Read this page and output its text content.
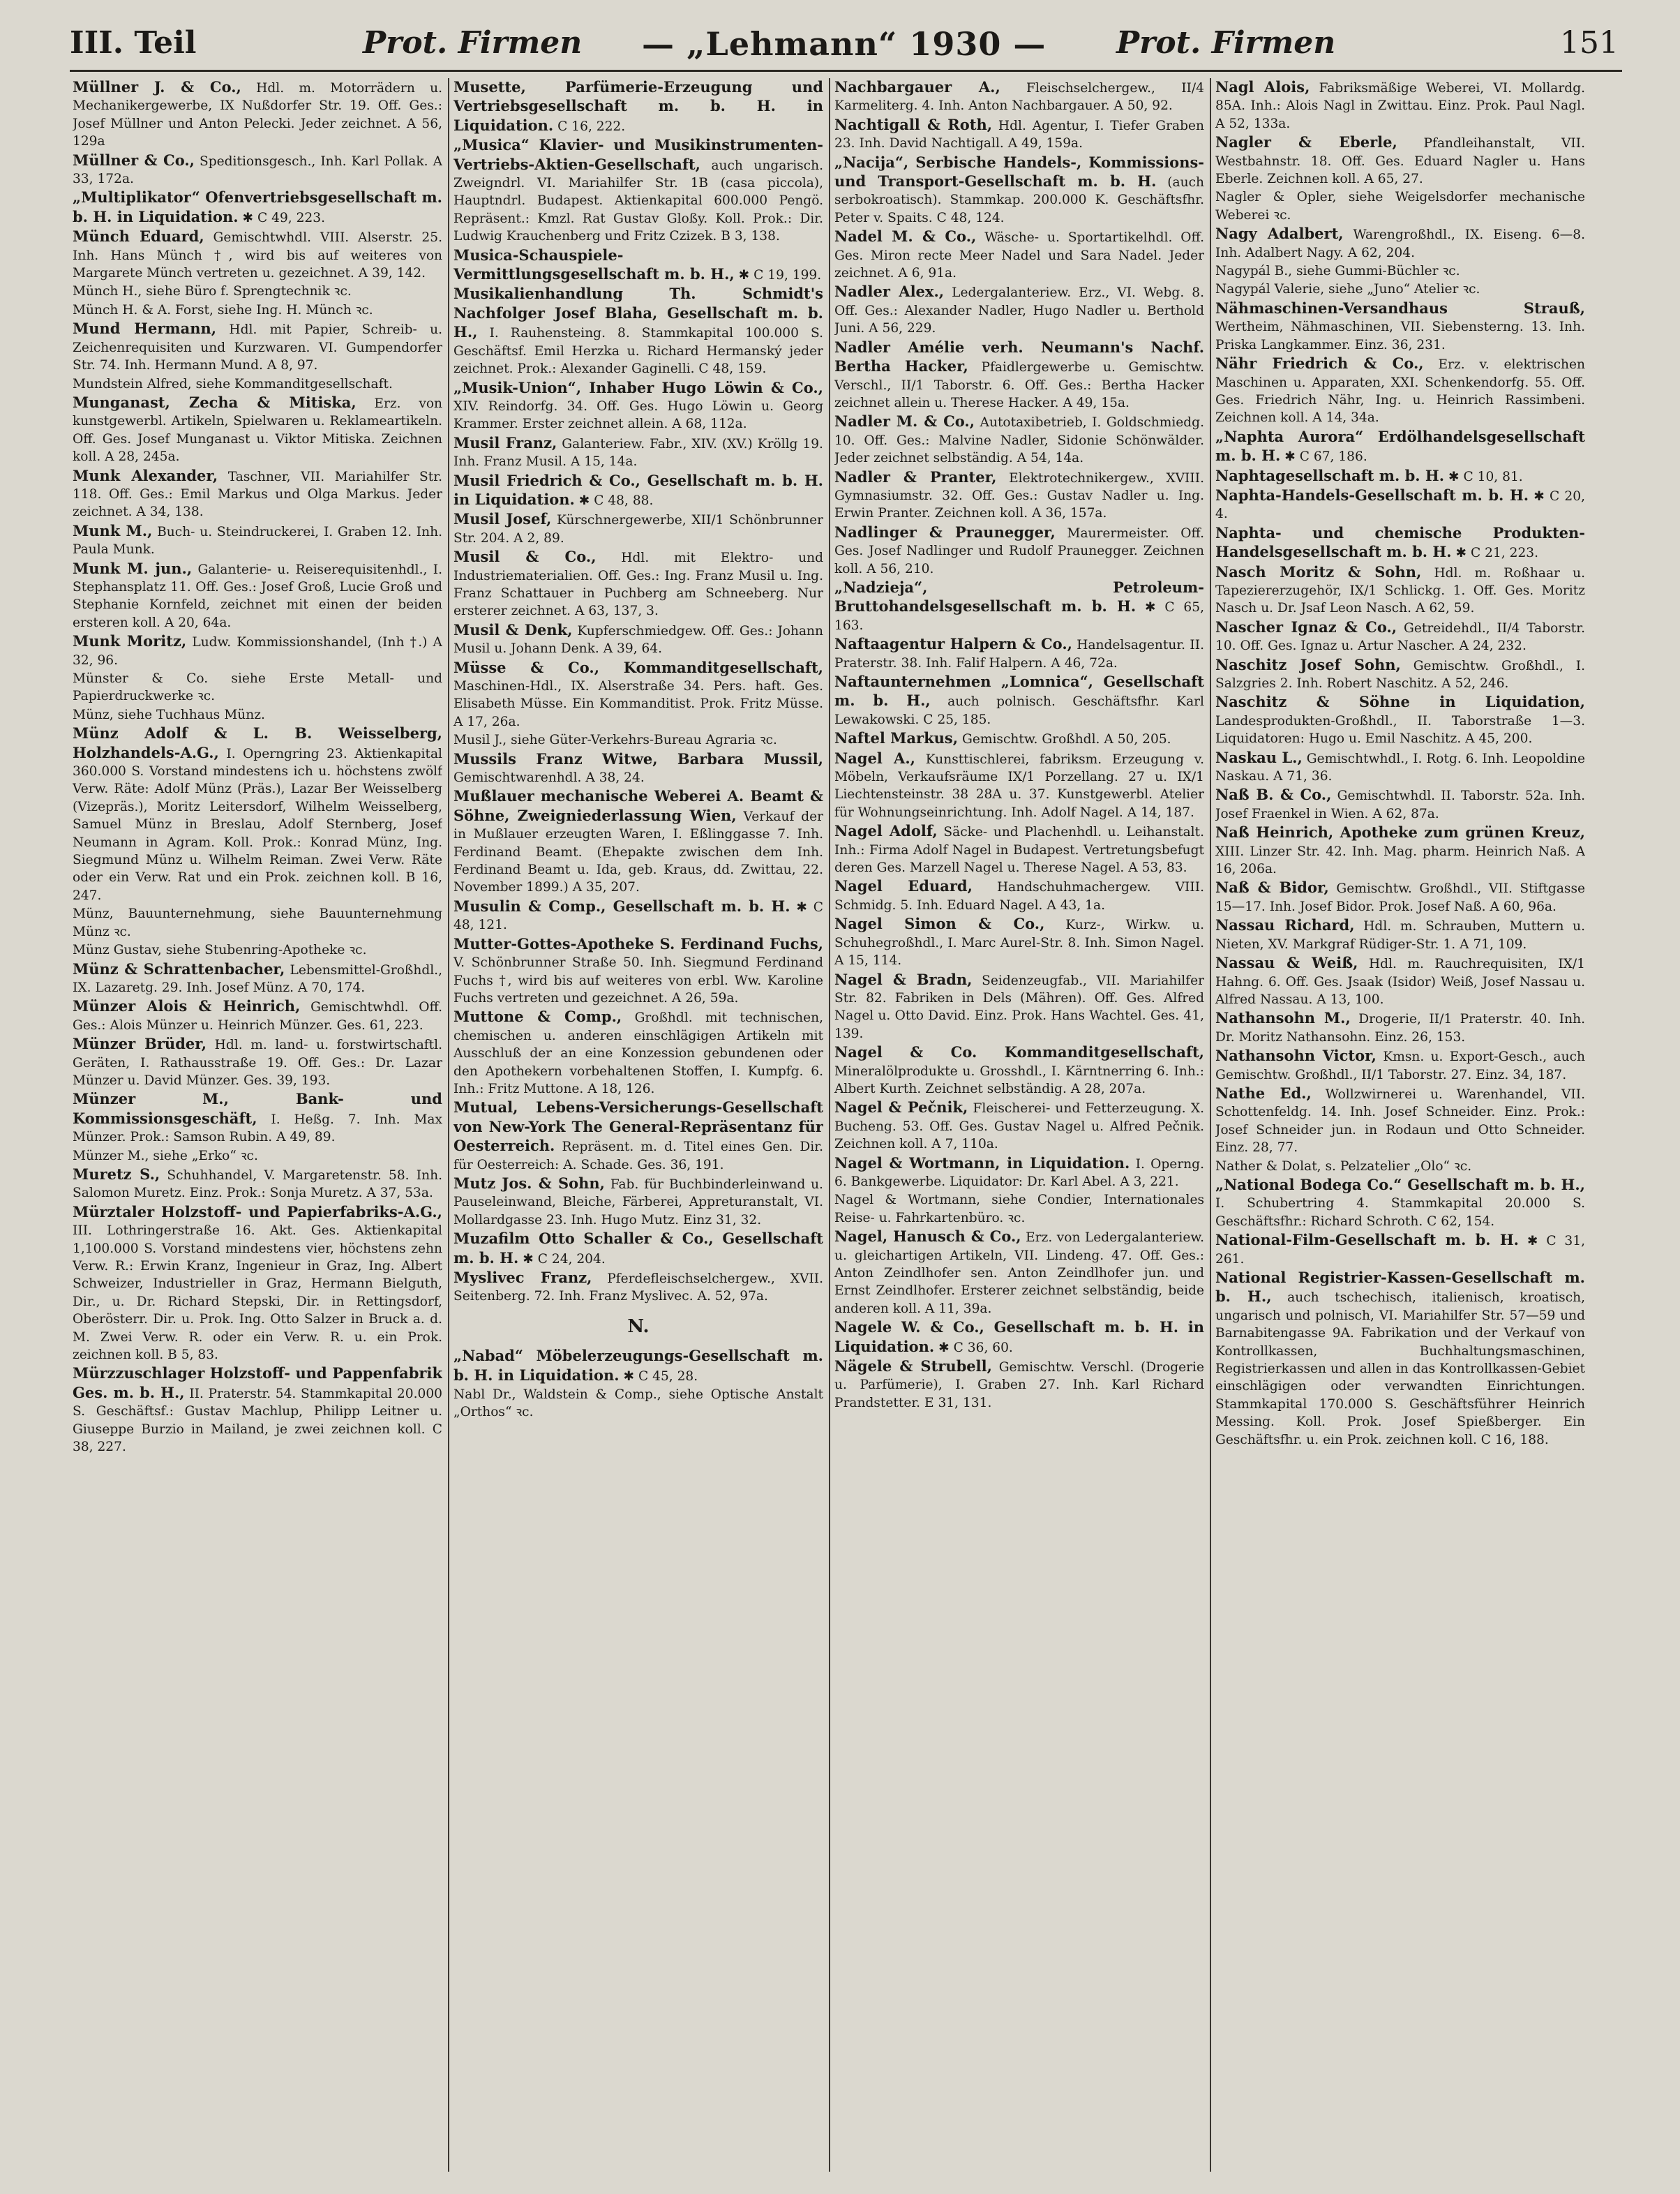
III. Teil	Prot. Firmen — „Lehmann“ 1930 — Prot. Firmen	151
Müllner J. & Co., Hdl. m. Motorrädern u. Mechanikergewerbe, IX Nußdorfer Str. 19. Off. Ges.: Josef Müllner und Anton Pelecki. Jeder zeichnet. A 56, 129a
Müllner & Co., Speditionsgesch., Inh. Karl Pollak. A 33, 172a.
„Multiplikator“ Ofenvertriebsgesellschaft m. b. H. in Liquidation. ✱ C 49, 223.
Münch Eduard, Gemischtwhdl. VIII. Alserstr. 25. Inh. Hans Münch †, wird bis auf weiteres von Margarete Münch vertreten u. gezeichnet. A 39, 142.
Münch H., siehe Büro f. Sprengtechnik ꝛc.
Münch H. & A. Forst, siehe Ing. H. Münch ꝛc.
Mund Hermann, Hdl. mit Papier, Schreib- u. Zeichenrequisiten und Kurzwaren. VI. Gumpendorfer Str. 74. Inh. Hermann Mund. A 8, 97.
Mundstein Alfred, siehe Kommanditgesellschaft.
Munganast, Zecha & Mitiska, Erz. von kunstgewerbl. Artikeln, Spielwaren u. Reklameartikeln. Off. Ges. Josef Munganast u. Viktor Mitiska. Zeichnen koll. A 28, 245a.
Munk Alexander, Taschner, VII. Mariahilfer Str. 118. Off. Ges.: Emil Markus und Olga Markus. Jeder zeichnet. A 34, 138.
Munk M., Buch- u. Steindruckerei, I. Graben 12. Inh. Paula Munk.
Munk M. jun., Galanterie- u. Reiserequisitenhdl., I. Stephansplatz 11. Off. Ges.: Josef Groß, Lucie Groß und Stephanie Kornfeld, zeichnet mit einen der beiden ersteren koll. A 20, 64a.
Munk Moritz, Ludw. Kommissionshandel, (Inh †.) A 32, 96.
Münster & Co. siehe Erste Metall- und Papierdruckwerke ꝛc.
Münz, siehe Tuchhaus Münz.
Münz Adolf & L. B. Weisselberg, Holzhandels-A.G., I. Operngring 23. Aktienkapital 360.000 S. Vorstand mindestens ich u. höchstens zwölf Verw. Räte: Adolf Münz (Präs.), Lazar Ber Weisselberg (Vizepräs.), Moritz Leitersdorf, Wilhelm Weisselberg, Samuel Münz in Breslau, Adolf Sternberg, Josef Neumann in Agram. Koll. Prok.: Konrad Münz, Ing. Siegmund Münz u. Wilhelm Reiman. Zwei Verw. Räte oder ein Verw. Rat und ein Prok. zeichnen koll. B 16, 247.
Münz, Bauunternehmung, siehe Bauunternehmung Münz ꝛc.
Münz Gustav, siehe Stubenring-Apotheke ꝛc.
Münz & Schrattenbacher, Lebensmittel-Großhdl., IX. Lazaretg. 29. Inh. Josef Münz. A 70, 174.
Münzer Alois & Heinrich, Gemischtwhdl. Off. Ges.: Alois Münzer u. Heinrich Münzer. Ges. 61, 223.
Münzer Brüder, Hdl. m. land- u. forstwirtschaftl. Geräten, I. Rathausstraße 19. Off. Ges.: Dr. Lazar Münzer u. David Münzer. Ges. 39, 193.
Münzer M., Bank- und Kommissionsgeschäft, I. Heßg. 7. Inh. Max Münzer. Prok.: Samson Rubin. A 49, 89.
Münzer M., siehe „Erko“ ꝛc.
Muretz S., Schuhhandel, V. Margaretenstr. 58. Inh. Salomon Muretz. Einz. Prok.: Sonja Muretz. A 37, 53a.
Mürztaler Holzstoff- und Papierfabriks-A.G., III. Lothringerstraße 16. Akt. Ges. Aktienkapital 1,100.000 S. Vorstand mindestens vier, höchstens zehn Verw. R.: Erwin Kranz, Ingenieur in Graz, Ing. Albert Schweizer, Industrieller in Graz, Hermann Bielguth, Dir., u. Dr. Richard Stepski, Dir. in Rettingsdorf, Oberösterr. Dir. u. Prok. Ing. Otto Salzer in Bruck a. d. M. Zwei Verw. R. oder ein Verw. R. u. ein Prok. zeichnen koll. B 5, 83.
Mürzzuschlager Holzstoff- und Pappenfabrik Ges. m. b. H., II. Praterstr. 54. Stammkapital 20.000 S. Geschäftsf.: Gustav Machlup, Philipp Leitner u. Giuseppe Burzio in Mailand, je zwei zeichnen koll. C 38, 227.
Musette, Parfümerie-Erzeugung und Vertriebsgesellschaft m. b. H. in Liquidation. C 16, 222.
„Musica“ Klavier- und Musikinstrumenten-Vertriebs-Aktien-Gesellschaft, auch ungarisch. Zweigndrl. VI. Mariahilfer Str. 1B (casa piccola), Hauptndrl. Budapest. Aktienkapital 600.000 Pengö. Repräsent.: Kmzl. Rat Gustav Gloßy. Koll. Prok.: Dir. Ludwig Krauchenberg und Fritz Czizek. B 3, 138.
Musica-Schauspiele-Vermittlungsgesellschaft m. b. H., ✱ C 19, 199.
Musikalienhandlung Th. Schmidt's Nachfolger Josef Blaha, Gesellschaft m. b. H., I. Rauhensteing. 8. Stammkapital 100.000 S. Geschäftsf. Emil Herzka u. Richard Hermanský jeder zeichnet. Prok.: Alexander Gaginelli. C 48, 159.
„Musik-Union“, Inhaber Hugo Löwin & Co., XIV. Reindorfg. 34. Off. Ges. Hugo Löwin u. Georg Krammer. Erster zeichnet allein. A 68, 112a.
Musil Franz, Galanteriew. Fabr., XIV. (XV.) Kröllg 19. Inh. Franz Musil. A 15, 14a.
Musil Friedrich & Co., Gesellschaft m. b. H. in Liquidation. ✱ C 48, 88.
Musil Josef, Kürschnergewerbe, XII/1 Schönbrunner Str. 204. A 2, 89.
Musil & Co., Hdl. mit Elektro- und Industriematerialien. Off. Ges.: Ing. Franz Musil u. Ing. Franz Schattauer in Puchberg am Schneeberg. Nur ersterer zeichnet. A 63, 137, 3.
Musil & Denk, Kupferschmiedgew. Off. Ges.: Johann Musil u. Johann Denk. A 39, 64.
Müsse & Co., Kommanditgesellschaft, Maschinen-Hdl., IX. Alserstraße 34. Pers. haft. Ges. Elisabeth Müsse. Ein Kommanditist. Prok. Fritz Müsse. A 17, 26a.
Musil J., siehe Güter-Verkehrs-Bureau Agraria ꝛc.
Mussils Franz Witwe, Barbara Mussil, Gemischtwarenhdl. A 38, 24.
Mußlauer mechanische Weberei A. Beamt & Söhne, Zweigniederlassung Wien, Verkauf der in Mußlauer erzeugten Waren, I. Eßlinggasse 7. Inh. Ferdinand Beamt. (Ehepakte zwischen dem Inh. Ferdinand Beamt u. Ida, geb. Kraus, dd. Zwittau, 22. November 1899.) A 35, 207.
Musulin & Comp., Gesellschaft m. b. H. ✱ C 48, 121.
Mutter-Gottes-Apotheke S. Ferdinand Fuchs, V. Schönbrunner Straße 50. Inh. Siegmund Ferdinand Fuchs †, wird bis auf weiteres von erbl. Ww. Karoline Fuchs vertreten und gezeichnet. A 26, 59a.
Muttone & Comp., Großhdl. mit technischen, chemischen u. anderen einschlägigen Artikeln mit Ausschluß der an eine Konzession gebundenen oder den Apothekern vorbehaltenen Stoffen, I. Kumpfg. 6. Inh.: Fritz Muttone. A 18, 126.
Mutual, Lebens-Versicherungs-Gesellschaft von New-York The General-Repräsentanz für Oesterreich. Repräsent. m. d. Titel eines Gen. Dir. für Oesterreich: A. Schade. Ges. 36, 191.
Mutz Jos. & Sohn, Fab. für Buchbinderleinwand u. Pauseleinwand, Bleiche, Färberei, Appreturanstalt, VI. Mollardgasse 23. Inh. Hugo Mutz. Einz 31, 32.
Muzafilm Otto Schaller & Co., Gesellschaft m. b. H. ✱ C 24, 204.
Myslivec Franz, Pferdefleischselchergew., XVII. Seitenberg. 72. Inh. Franz Myslivec. A. 52, 97a.
N.
„Nabad“ Möbelerzeugungs-Gesellschaft m. b. H. in Liquidation. ✱ C 45, 28.
Nabl Dr., Waldstein & Comp., siehe Optische Anstalt „Orthos“ ꝛc.
Nachbargauer A., Fleischselchergew., II/4 Karmeliterg. 4. Inh. Anton Nachbargauer. A 50, 92.
Nachtigall & Roth, Hdl. Agentur, I. Tiefer Graben 23. Inh. David Nachtigall. A 49, 159a.
„Nacija“, Serbische Handels-, Kommissions- und Transport-Gesellschaft m. b. H. (auch serbokroatisch). Stammkap. 200.000 K. Geschäftsfhr. Peter v. Spaits. C 48, 124.
Nadel M. & Co., Wäsche- u. Sportartikelhdl. Off. Ges. Miron recte Meer Nadel und Sara Nadel. Jeder zeichnet. A 6, 91a.
Nadler Alex., Ledergalanteriew. Erz., VI. Webg. 8. Off. Ges.: Alexander Nadler, Hugo Nadler u. Berthold Juni. A 56, 229.
Nadler Amélie verh. Neumann's Nachf. Bertha Hacker, Pfaidlergewerbe u. Gemischtw. Verschl., II/1 Taborstr. 6. Off. Ges.: Bertha Hacker zeichnet allein u. Therese Hacker. A 49, 15a.
Nadler M. & Co., Autotaxibetrieb, I. Goldschmiedg. 10. Off. Ges.: Malvine Nadler, Sidonie Schönwälder. Jeder zeichnet selbständig. A 54, 14a.
Nadler & Pranter, Elektrotechnikergew., XVIII. Gymnasiumstr. 32. Off. Ges.: Gustav Nadler u. Ing. Erwin Pranter. Zeichnen koll. A 36, 157a.
Nadlinger & Praunegger, Maurermeister. Off. Ges. Josef Nadlinger und Rudolf Praunegger. Zeichnen koll. A 56, 210.
„Nadzieja“, Petroleum-Bruttohandelsgesellschaft m. b. H. ✱ C 65, 163.
Naftaagentur Halpern & Co., Handelsagentur. II. Praterstr. 38. Inh. Falif Halpern. A 46, 72a.
Naftaunternehmen „Lomnica“, Gesellschaft m. b. H., auch polnisch. Geschäftsfhr. Karl Lewakowski. C 25, 185.
Naftel Markus, Gemischtw. Großhdl. A 50, 205.
Nagel A., Kunsttischlerei, fabriksm. Erzeugung v. Möbeln, Verkaufsräume IX/1 Porzellang. 27 u. IX/1 Liechtensteinstr. 38 28A u. 37. Kunstgewerbl. Atelier für Wohnungseinrichtung. Inh. Adolf Nagel. A 14, 187.
Nagel Adolf, Säcke- und Plachenhdl. u. Leihanstalt. Inh.: Firma Adolf Nagel in Budapest. Vertretungsbefugt deren Ges. Marzell Nagel u. Therese Nagel. A 53, 83.
Nagel Eduard, Handschuhmachergew. VIII. Schmidg. 5. Inh. Eduard Nagel. A 43, 1a.
Nagel Simon & Co., Kurz-, Wirkw. u. Schuhegroßhdl., I. Marc Aurel-Str. 8. Inh. Simon Nagel. A 15, 114.
Nagel & Bradn, Seidenzeugfab., VII. Mariahilfer Str. 82. Fabriken in Dels (Mähren). Off. Ges. Alfred Nagel u. Otto David. Einz. Prok. Hans Wachtel. Ges. 41, 139.
Nagel & Co. Kommanditgesellschaft, Mineralölprodukte u. Grosshdl., I. Kärntnerring 6. Inh.: Albert Kurth. Zeichnet selbständig. A 28, 207a.
Nagel & Pečnik, Fleischerei- und Fetterzeugung. X. Bucheng. 53. Off. Ges. Gustav Nagel u. Alfred Pečnik. Zeichnen koll. A 7, 110a.
Nagel & Wortmann, in Liquidation. I. Operng. 6. Bankgewerbe. Liquidator: Dr. Karl Abel. A 3, 221.
Nagel & Wortmann, siehe Condier, Internationales Reise- u. Fahrkartenbüro. ꝛc.
Nagel, Hanusch & Co., Erz. von Ledergalanteriew. u. gleichartigen Artikeln, VII. Lindeng. 47. Off. Ges.: Anton Zeindlhofer sen. Anton Zeindlhofer jun. und Ernst Zeindlhofer. Ersterer zeichnet selbständig, beide anderen koll. A 11, 39a.
Nagele W. & Co., Gesellschaft m. b. H. in Liquidation. ✱ C 36, 60.
Nägele & Strubell, Gemischtw. Verschl. (Drogerie u. Parfümerie), I. Graben 27. Inh. Karl Richard Prandstetter. E 31, 131.
Nagl Alois, Fabriksmäßige Weberei, VI. Mollardg. 85A. Inh.: Alois Nagl in Zwittau. Einz. Prok. Paul Nagl. A 52, 133a.
Nagler & Eberle, Pfandleihanstalt, VII. Westbahnstr. 18. Off. Ges. Eduard Nagler u. Hans Eberle. Zeichnen koll. A 65, 27.
Nagler & Opler, siehe Weigelsdorfer mechanische Weberei ꝛc.
Nagy Adalbert, Warengroßhdl., IX. Eiseng. 6—8. Inh. Adalbert Nagy. A 62, 204.
Nagypál B., siehe Gummi-Büchler ꝛc.
Nagypál Valerie, siehe „Juno“ Atelier ꝛc.
Nähmaschinen-Versandhaus Strauß, Wertheim, Nähmaschinen, VII. Siebensterng. 13. Inh. Priska Langkammer. Einz. 36, 231.
Nähr Friedrich & Co., Erz. v. elektrischen Maschinen u. Apparaten, XXI. Schenkendorfg. 55. Off. Ges. Friedrich Nähr, Ing. u. Heinrich Rassimbeni. Zeichnen koll. A 14, 34a.
„Naphta Aurora“ Erdölhandelsgesellschaft m. b. H. ✱ C 67, 186.
Naphtagesellschaft m. b. H. ✱ C 10, 81.
Naphta-Handels-Gesellschaft m. b. H. ✱ C 20, 4.
Naphta- und chemische Produkten-Handelsgesellschaft m. b. H. ✱ C 21, 223.
Nasch Moritz & Sohn, Hdl. m. Roßhaar u. Tapeziererzugehör, IX/1 Schlickg. 1. Off. Ges. Moritz Nasch u. Dr. Jsaf Leon Nasch. A 62, 59.
Nascher Ignaz & Co., Getreidehdl., II/4 Taborstr. 10. Off. Ges. Ignaz u. Artur Nascher. A 24, 232.
Naschitz Josef Sohn, Gemischtw. Großhdl., I. Salzgries 2. Inh. Robert Naschitz. A 52, 246.
Naschitz & Söhne in Liquidation, Landesprodukten-Großhdl., II. Taborstraße 1—3. Liquidatoren: Hugo u. Emil Naschitz. A 45, 200.
Naskau L., Gemischtwhdl., I. Rotg. 6. Inh. Leopoldine Naskau. A 71, 36.
Naß B. & Co., Gemischtwhdl. II. Taborstr. 52a. Inh. Josef Fraenkel in Wien. A 62, 87a.
Naß Heinrich, Apotheke zum grünen Kreuz, XIII. Linzer Str. 42. Inh. Mag. pharm. Heinrich Naß. A 16, 206a.
Naß & Bidor, Gemischtw. Großhdl., VII. Stiftgasse 15—17. Inh. Josef Bidor. Prok. Josef Naß. A 60, 96a.
Nassau Richard, Hdl. m. Schrauben, Muttern u. Nieten, XV. Markgraf Rüdiger-Str. 1. A 71, 109.
Nassau & Weiß, Hdl. m. Rauchrequisiten, IX/1 Hahng. 6. Off. Ges. Jsaak (Isidor) Weiß, Josef Nassau u. Alfred Nassau. A 13, 100.
Nathansohn M., Drogerie, II/1 Praterstr. 40. Inh. Dr. Moritz Nathansohn. Einz. 26, 153.
Nathansohn Victor, Kmsn. u. Export-Gesch., auch Gemischtw. Großhdl., II/1 Taborstr. 27. Einz. 34, 187.
Nathe Ed., Wollzwirnerei u. Warenhandel, VII. Schottenfeldg. 14. Inh. Josef Schneider. Einz. Prok.: Josef Schneider jun. in Rodaun und Otto Schneider. Einz. 28, 77.
Nather & Dolat, s. Pelzatelier „Olo“ ꝛc.
„National Bodega Co.“ Gesellschaft m. b. H., I. Schubertring 4. Stammkapital 20.000 S. Geschäftsfhr.: Richard Schroth. C 62, 154.
National-Film-Gesellschaft m. b. H. ✱ C 31, 261.
National Registrier-Kassen-Gesellschaft m. b. H., auch tschechisch, italienisch, kroatisch, ungarisch und polnisch, VI. Mariahilfer Str. 57—59 und Barnabitengasse 9A. Fabrikation und der Verkauf von Kontrollkassen, Buchhaltungsmaschinen, Registrierkassen und allen in das Kontrollkassen-Gebiet einschlägigen oder verwandten Einrichtungen. Stammkapital 170.000 S. Geschäftsführer Heinrich Messing. Koll. Prok. Josef Spießberger. Ein Geschäftsfhr. u. ein Prok. zeichnen koll. C 16, 188.
